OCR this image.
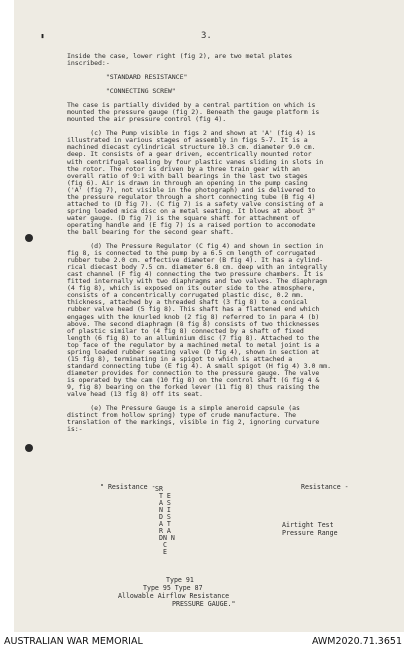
'	3.
Inside the case, lower right (fig 2), are two metal plates
inscribed:-
"STANDARD RESISTANCE"
"CONNECTING SCREW"
The case is partially divided by a central partition on which is
mounted the pressure gauge (fig 2). Beneath the gauge platform is
mounted the air pressure control (fig 4).
(c) The Pump visible in figs 2 and shown at 'A' (fig 4) is
illustrated in various stages of assembly in figs 5-7. It is a
machined diecast cylindrical structure 10.3 cm. diameter 9.0 cm.
deep. It consists of a gear driven, eccentrically mounted rotor
with centrifugal sealing by four plastic vanes sliding in slots in
the rotor. The rotor is driven by a three train gear with an
overall ratio of 9:1 with ball bearings in the last two stages
(fig 6). Air is drawn in through an opening in the pump casing
('A' (fig 7), not visible in the photograph) and is delivered to
the pressure regulator through a short connecting tube (B fig 4)
attached to (D fig 7). (C fig 7) is a safety valve consisting of a
spring loaded mica disc on a metal seating. It blows at about 3"
water gauge. (D fig 7) is the square shaft for attachment of
operating handle and (E fig 7) is a raised portion to accomodate
the ball bearing for the second gear shaft.
(d) The Pressure Regulator (C fig 4) and shown in section in
fig 8, is connected to the pump by a 6.5 cm length of corrugated
rubber tube 2.0 cm. effective diameter (B fig 4). It has a cylind-
rical diecast body 7.5 cm. diameter 6.8 cm. deep with an integrally
cast channel (F fig 4) connecting the two pressure chambers. It is
fitted internally with two diaphragms and two valves. The diaphragm
(4 fig 8), which is exposed on its outer side to the atmosphere,
consists of a concentrically corrugated plastic disc, 0.2 mm.
thickness, attached by a threaded shaft (3 fig 8) to a conical
rubber valve head (5 fig 8). This shaft has a flattened end which
engages with the knurled knob (2 fig 8) referred to in para 4 (b)
above. The second diaphragm (8 fig 8) consists of two thicknesses
of plastic similar to (4 fig 8) connected by a shaft of fixed
length (6 fig 8) to an alluminium disc (7 fig 8). Attached to the
top face of the regulator by a machined metal to metal joint is a
spring loaded rubber seating valve (D fig 4), shown in section at
(15 fig 8), terminating in a spigot to which is attached a
standard connecting tube (E fig 4). A small spigot (H fig 4) 3.0 mm.
diameter provides for connection to the pressure gauge. The valve
is operated by the cam (10 fig 8) on the control shaft (G fig 4 &
9, fig 8) bearing on the forked lever (11 fig 8) thus raising the
valve head (13 fig 8) off its seat.
(e) The Pressure Gauge is a simple aneroid capsule (as
distinct from hollow spring) type of crude manufacture. The
translation of the markings, visible in fig 2, ignoring curvature
is:-
" Resistance -	Resistance -
SR
T E
A S
N I
D S
A T
R A
DN N
C
E
Airtight Test
Pressure Range
Type 91
Type 95 Type 87
Allowable Airflow Resistance
PRESSURE GAUGE."
AUSTRALIAN WAR MEMORIAL	AWM2020.71.3651
